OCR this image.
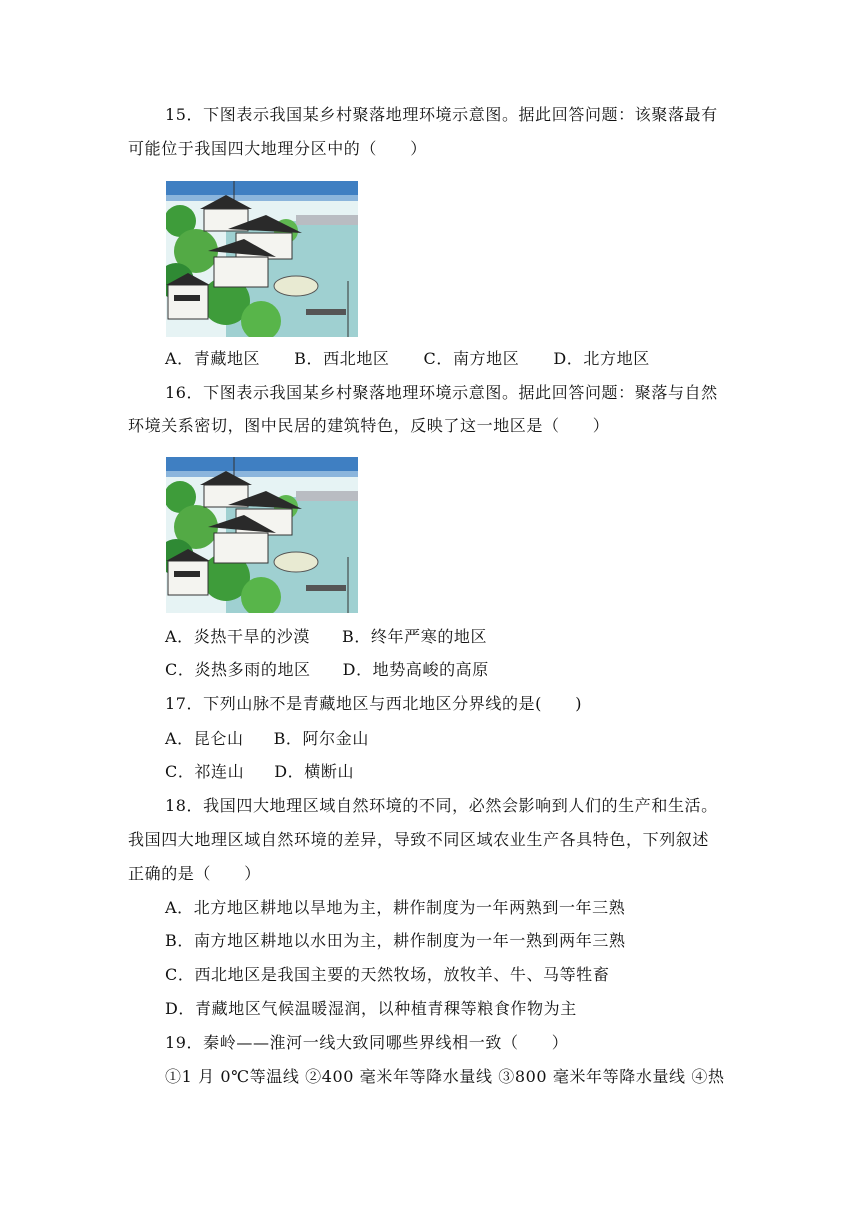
15．下图表示我国某乡村聚落地理环境示意图。据此回答问题：该聚落最有
可能位于我国四大地理分区中的（　　）
A．青藏地区 B．西北地区 C．南方地区 D．北方地区
16．下图表示我国某乡村聚落地理环境示意图。据此回答问题：聚落与自然
环境关系密切，图中民居的建筑特色，反映了这一地区是（　　）
A．炎热干旱的沙漠 B．终年严寒的地区
C．炎热多雨的地区 D．地势高峻的高原
17．下列山脉不是青藏地区与西北地区分界线的是(　　)
A．昆仑山 B．阿尔金山
C．祁连山 D．横断山
18．我国四大地理区域自然环境的不同，必然会影响到人们的生产和生活。
我国四大地理区域自然环境的差异，导致不同区域农业生产各具特色，下列叙述
正确的是（　　）
A．北方地区耕地以旱地为主，耕作制度为一年两熟到一年三熟
B．南方地区耕地以水田为主，耕作制度为一年一熟到两年三熟
C．西北地区是我国主要的天然牧场，放牧羊、牛、马等牲畜
D．青藏地区气候温暖湿润，以种植青稞等粮食作物为主
19．秦岭——淮河一线大致同哪些界线相一致（　　）
①1 月 0℃等温线 ②400 毫米年等降水量线 ③800 毫米年等降水量线 ④热
